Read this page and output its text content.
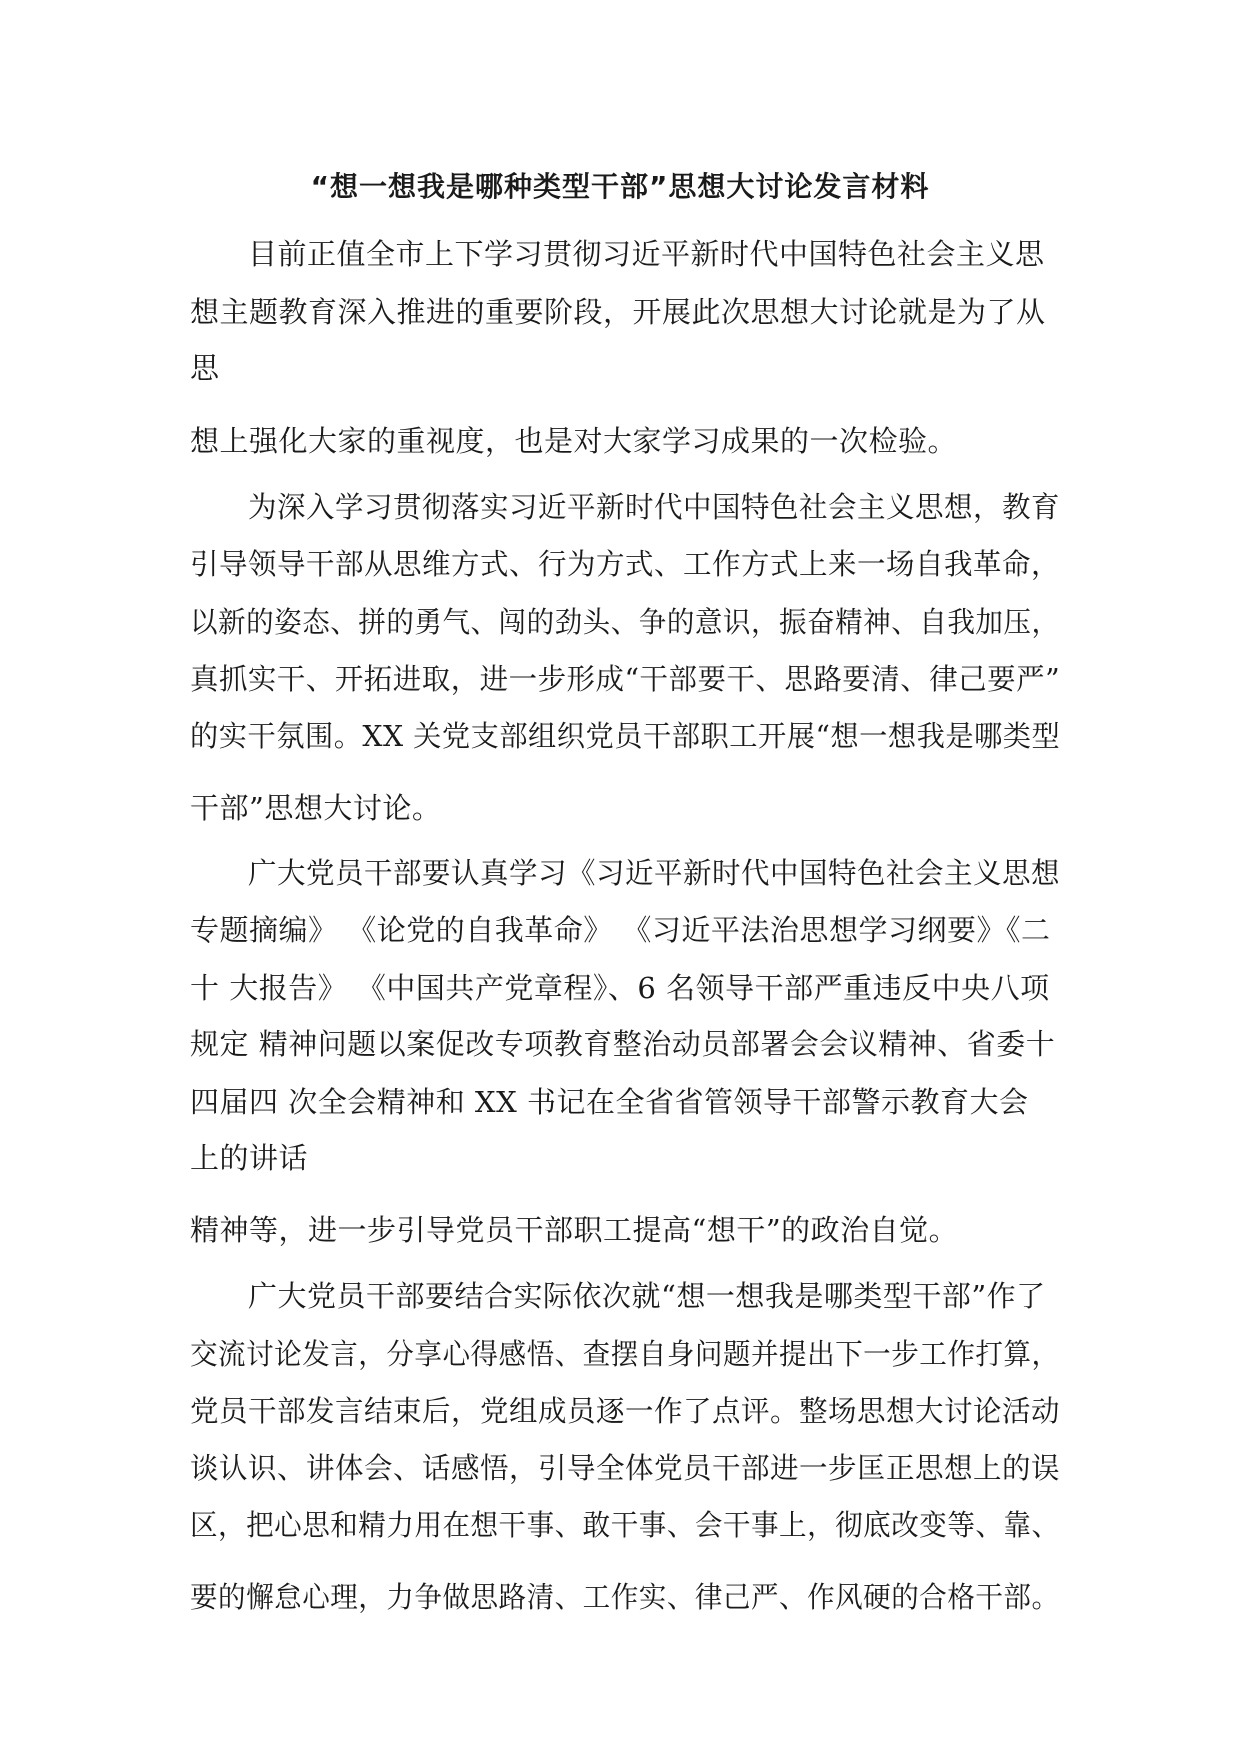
“想一想我是哪种类型干部”思想大讨论发言材料
目前正值全市上下学习贯彻习近平新时代中国特色社会主义思
想主题教育深入推进的重要阶段，开展此次思想大讨论就是为了从
思
想上强化大家的重视度，也是对大家学习成果的一次检验。
为深入学习贯彻落实习近平新时代中国特色社会主义思想，教育
引导领导干部从思维方式、行为方式、工作方式上来一场自我革命，
以新的姿态、拼的勇气、闯的劲头、争的意识，振奋精神、自我加压，
真抓实干、开拓进取，进一步形成“干部要干、思路要清、律己要严”
的实干氛围。XX 关党支部组织党员干部职工开展“想一想我是哪类型
干部”思想大讨论。
广大党员干部要认真学习《习近平新时代中国特色社会主义思想
专题摘编》 《论党的自我革命》 《习近平法治思想学习纲要》《二
十 大报告》 《中国共产党章程》、6 名领导干部严重违反中央八项
规定 精神问题以案促改专项教育整治动员部署会会议精神、省委十
四届四 次全会精神和 XX 书记在全省省管领导干部警示教育大会
上的讲话
精神等，进一步引导党员干部职工提高“想干”的政治自觉。
广大党员干部要结合实际依次就“想一想我是哪类型干部”作了
交流讨论发言，分享心得感悟、查摆自身问题并提出下一步工作打算，
党员干部发言结束后，党组成员逐一作了点评。整场思想大讨论活动
谈认识、讲体会、话感悟，引导全体党员干部进一步匡正思想上的误
区，把心思和精力用在想干事、敢干事、会干事上，彻底改变等、靠、
要的懈怠心理，力争做思路清、工作实、律己严、作风硬的合格干部。
